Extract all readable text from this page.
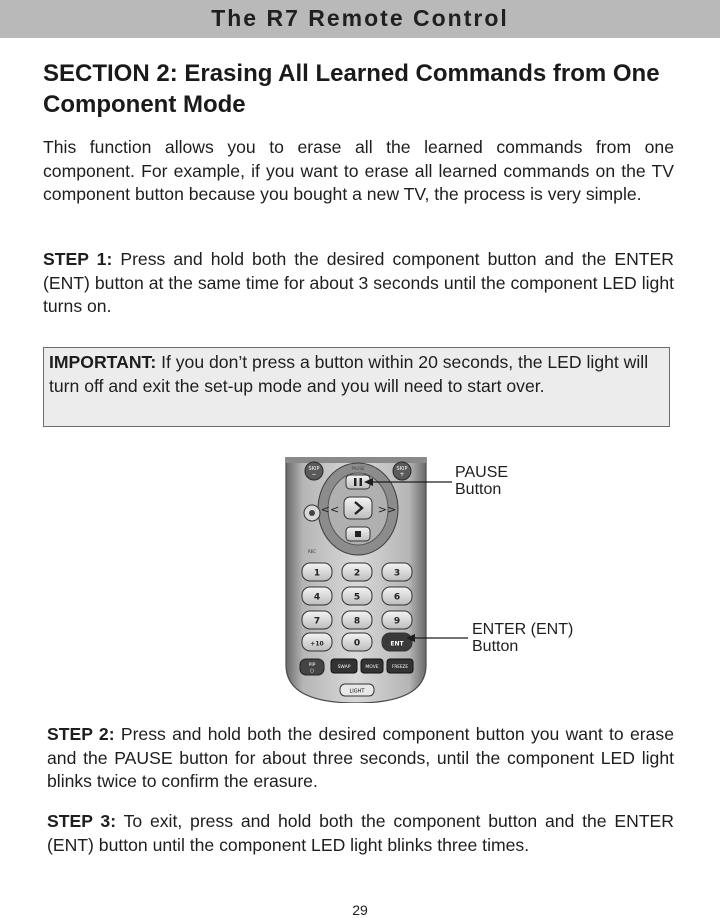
The R7 Remote Control
SECTION 2: Erasing All Learned Commands from One Component Mode
This function allows you to erase all the learned commands from one component. For example, if you want to erase all learned commands on the TV component button because you bought a new TV, the process is very simple.
STEP 1: Press and hold both the desired component button and the ENTER (ENT) button at the same time for about 3 seconds until the component LED light turns on.
IMPORTANT: If you don’t press a button within 20 seconds, the LED light will turn off and exit the set-up mode and you will need to start over.
SKIP
−
SKIP
+
PAUSE
<<	>>
REC
1	2	3
4	5	6
7	8	9
+10	0	ENT
PIP
○
SWAP	MOVE	FREEZE
LIGHT
PAUSE
Button
ENTER (ENT)
Button
STEP 2: Press and hold both the desired component button you want to erase and the PAUSE button for about three seconds, until the component LED light blinks twice to confirm the erasure.
STEP 3: To exit, press and hold both the component button and the ENTER (ENT) button until the component LED light blinks three times.
29
